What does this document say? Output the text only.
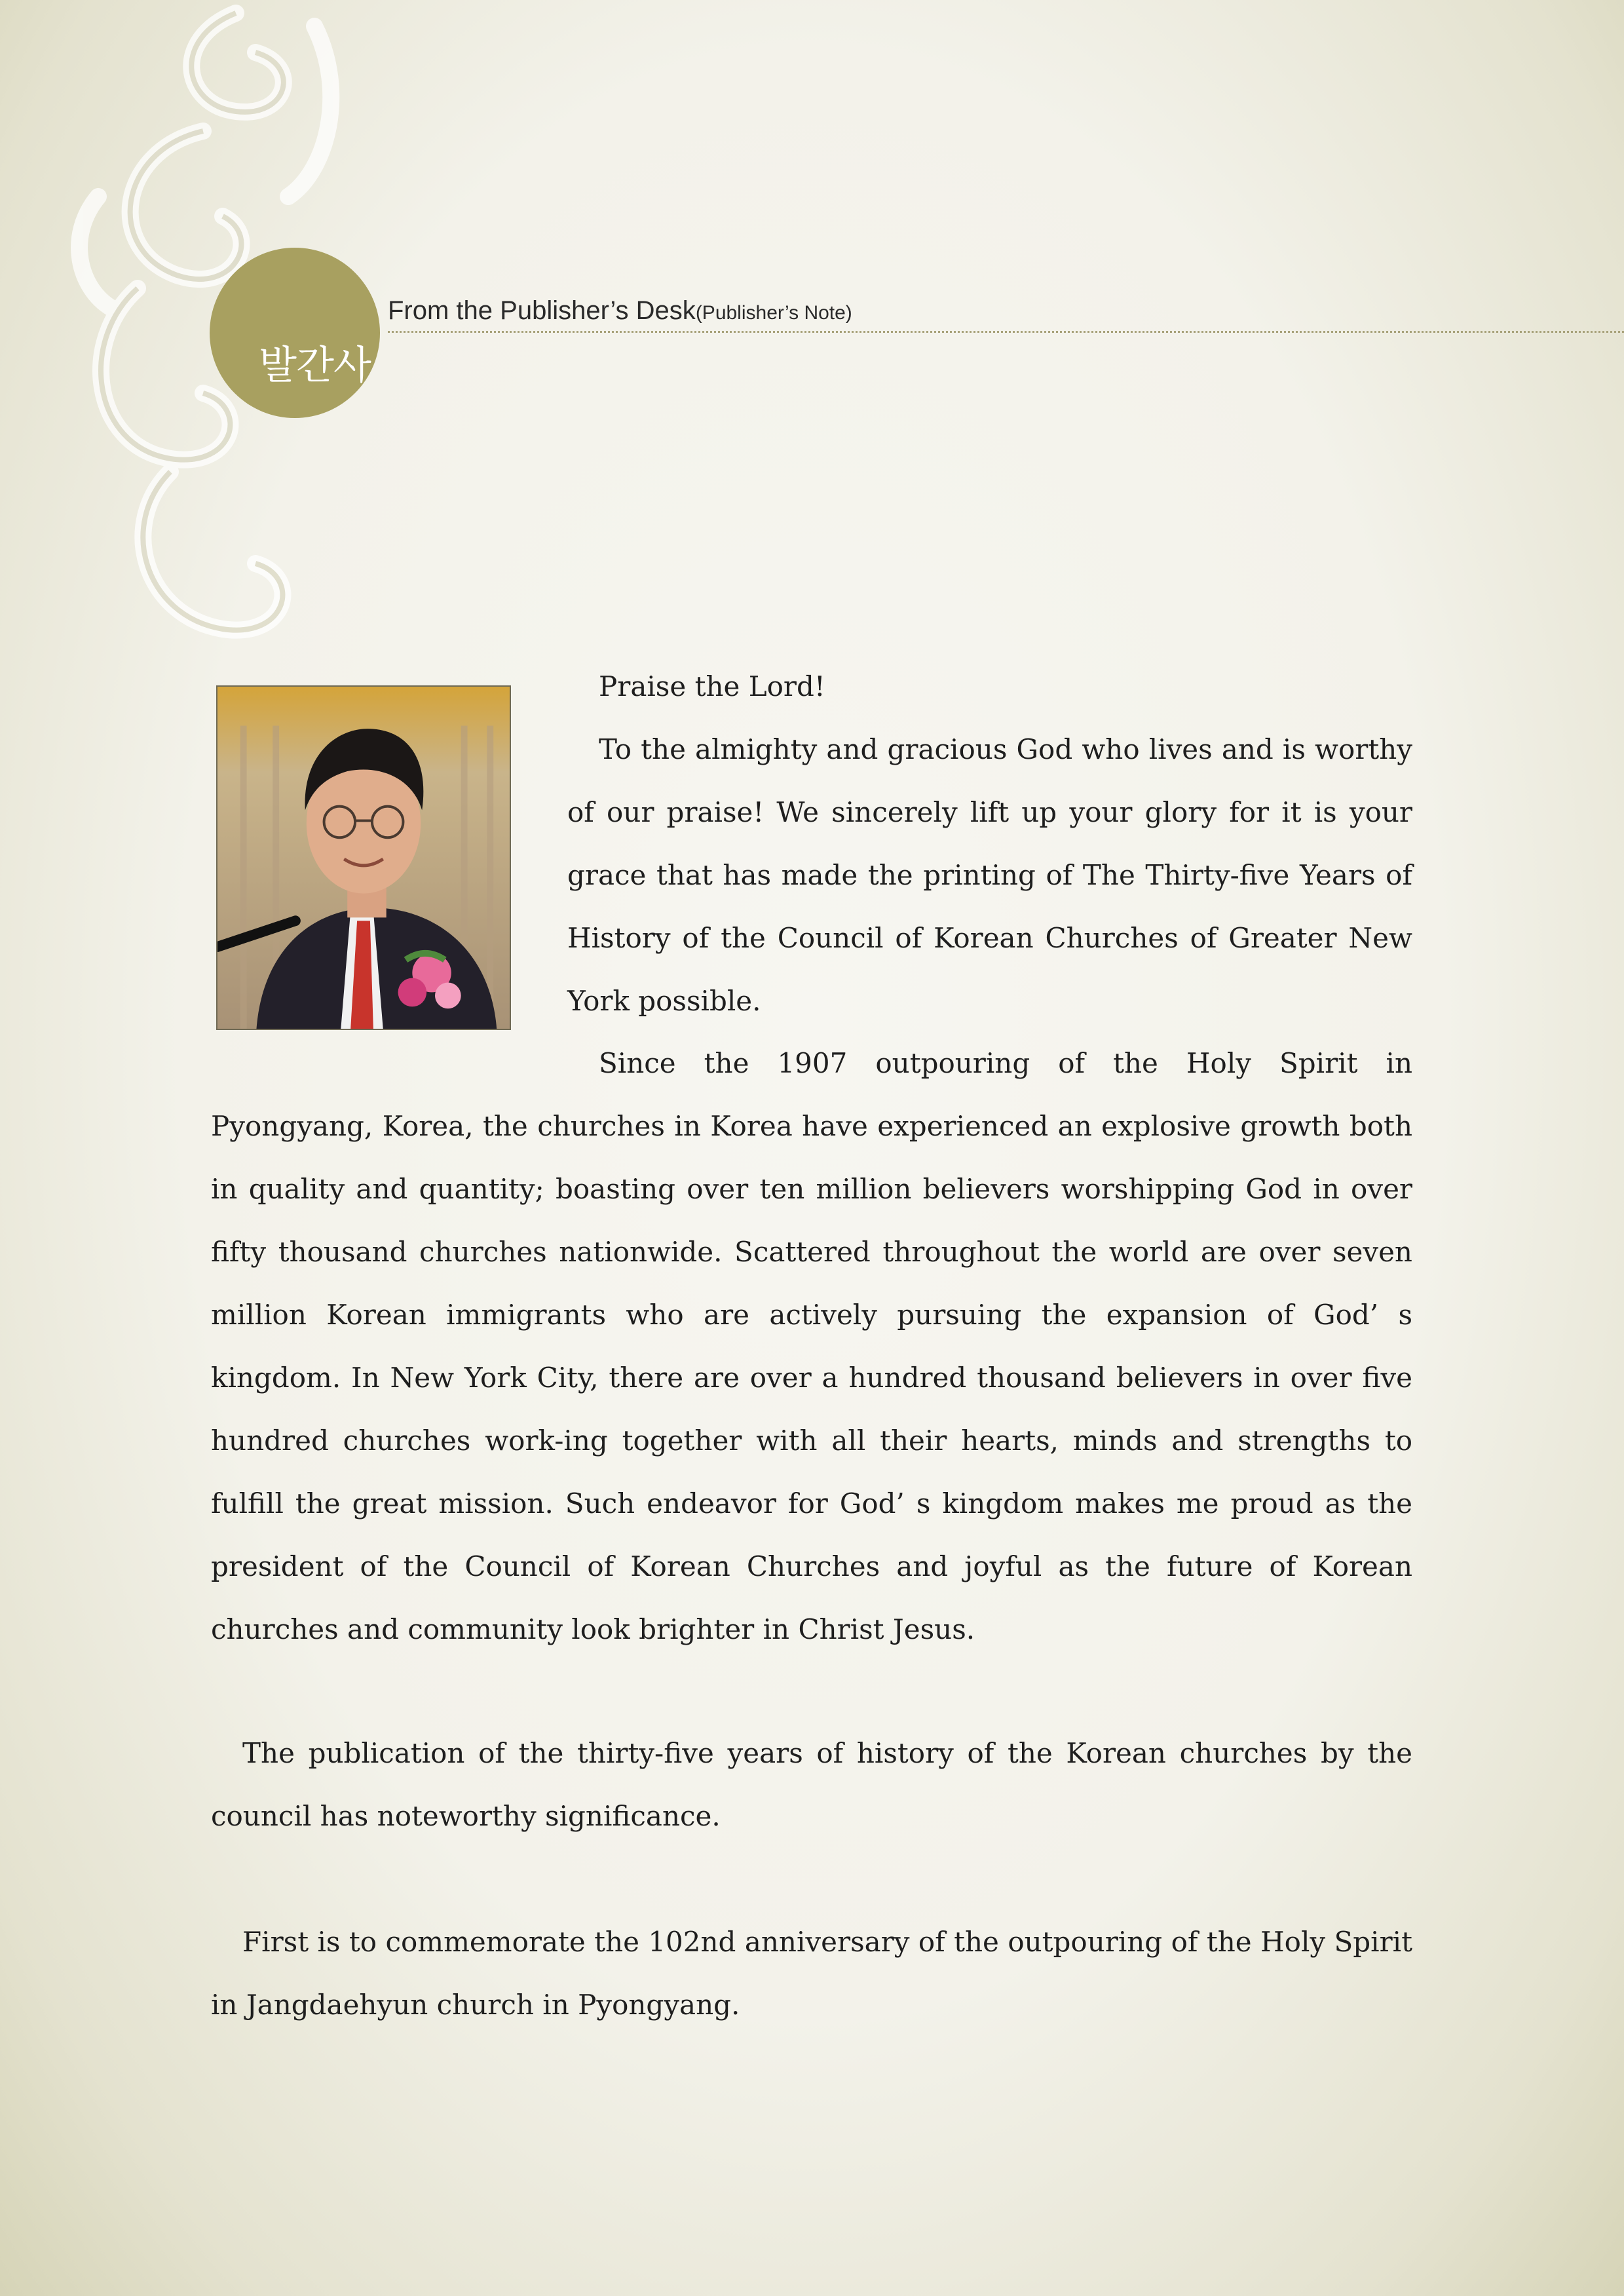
발간사
From the Publisher’s Desk(Publisher’s Note)

Praise the Lord!

To the almighty and gracious God who lives and is worthy of our praise! We sincerely lift up your glory for it is your grace that has made the printing of The Thirty-five Years of History of the Council of Korean Churches of Greater New York possible.

Since the 1907 outpouring of the Holy Spirit in Pyongyang, Korea, the churches in Korea have experienced an explosive growth both in quality and quantity; boasting over ten million believers worshipping God in over fifty thousand churches nationwide. Scattered throughout the world are over seven million Korean immigrants who are actively pursuing the expansion of God’ s kingdom. In New York City, there are over a hundred thousand believers in over five hundred churches work-ing together with all their hearts, minds and strengths to fulfill the great mission. Such endeavor for God’ s kingdom makes me proud as the president of the Council of Korean Churches and joyful as the future of Korean churches and community look brighter in Christ Jesus.

The publication of the thirty-five years of history of the Korean churches by the council has noteworthy significance.

First is to commemorate the 102nd anniversary of the outpouring of the Holy Spirit in Jangdaehyun church in Pyongyang.
